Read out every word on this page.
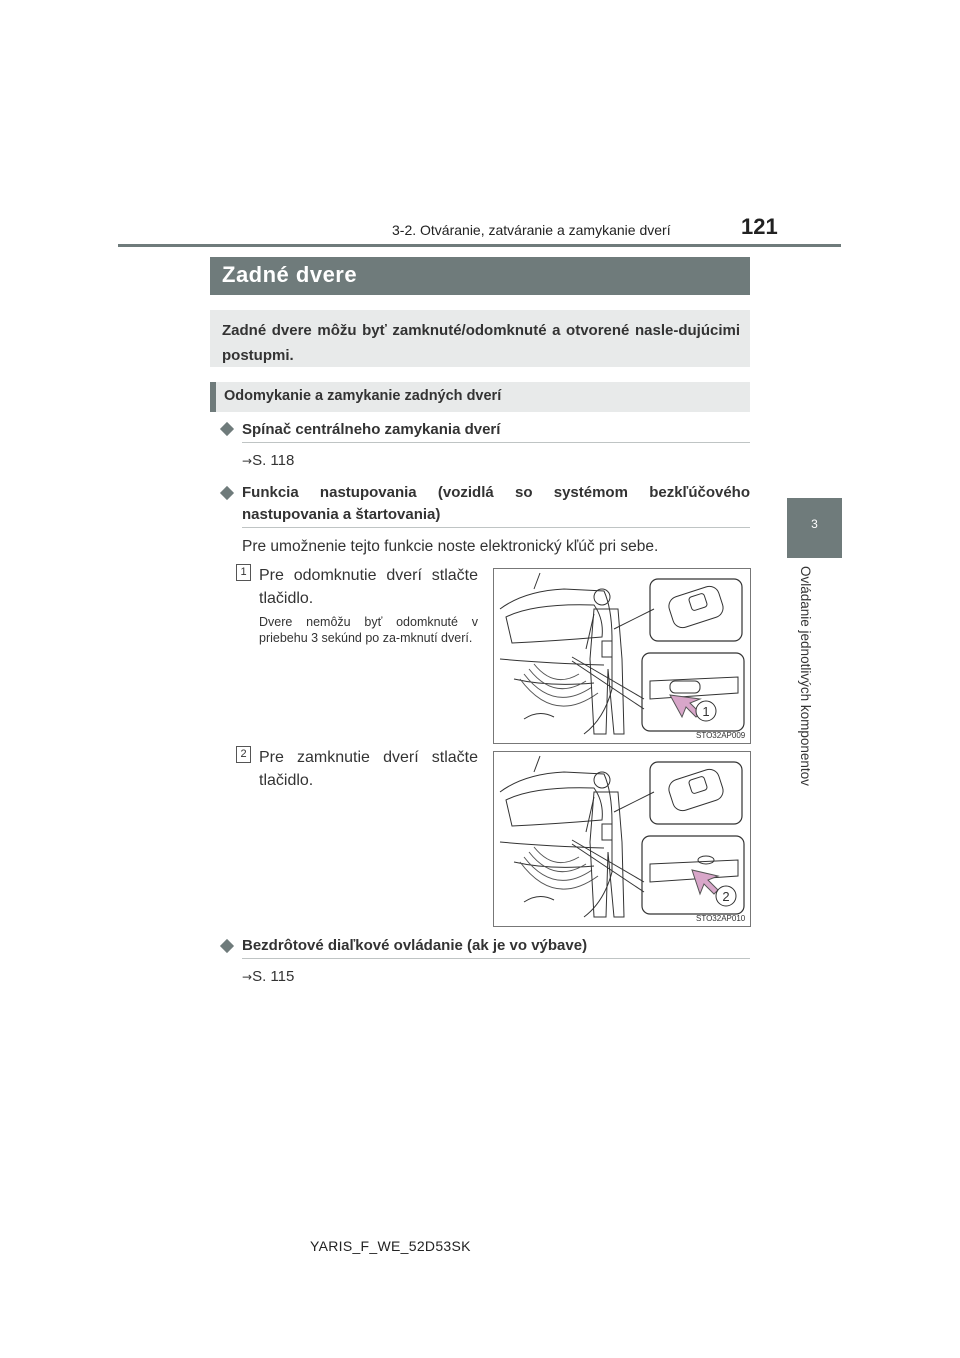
3-2. Otváranie, zatváranie a zamykanie dverí	121
3
Ovládanie jednotlivých komponentov
Zadné dvere
Zadné dvere môžu byť zamknuté/odomknuté a otvorené nasle-dujúcimi postupmi.
Odomykanie a zamykanie zadných dverí
Spínač centrálneho zamykania dverí
→S. 118
Funkcia nastupovania (vozidlá so systémom bezkľúčového
nastupovania a štartovania)
Pre umožnenie tejto funkcie noste elektronický kľúč pri sebe.
1 Pre odomknutie dverí stlačte tlačidlo.
Dvere nemôžu byť odomknuté v priebehu 3 sekúnd po za-mknutí dverí.
1
STO32AP009
2 Pre zamknutie dverí stlačte tlačidlo.
2
STO32AP010
Bezdrôtové diaľkové ovládanie (ak je vo výbave)
→S. 115
YARIS_F_WE_52D53SK
